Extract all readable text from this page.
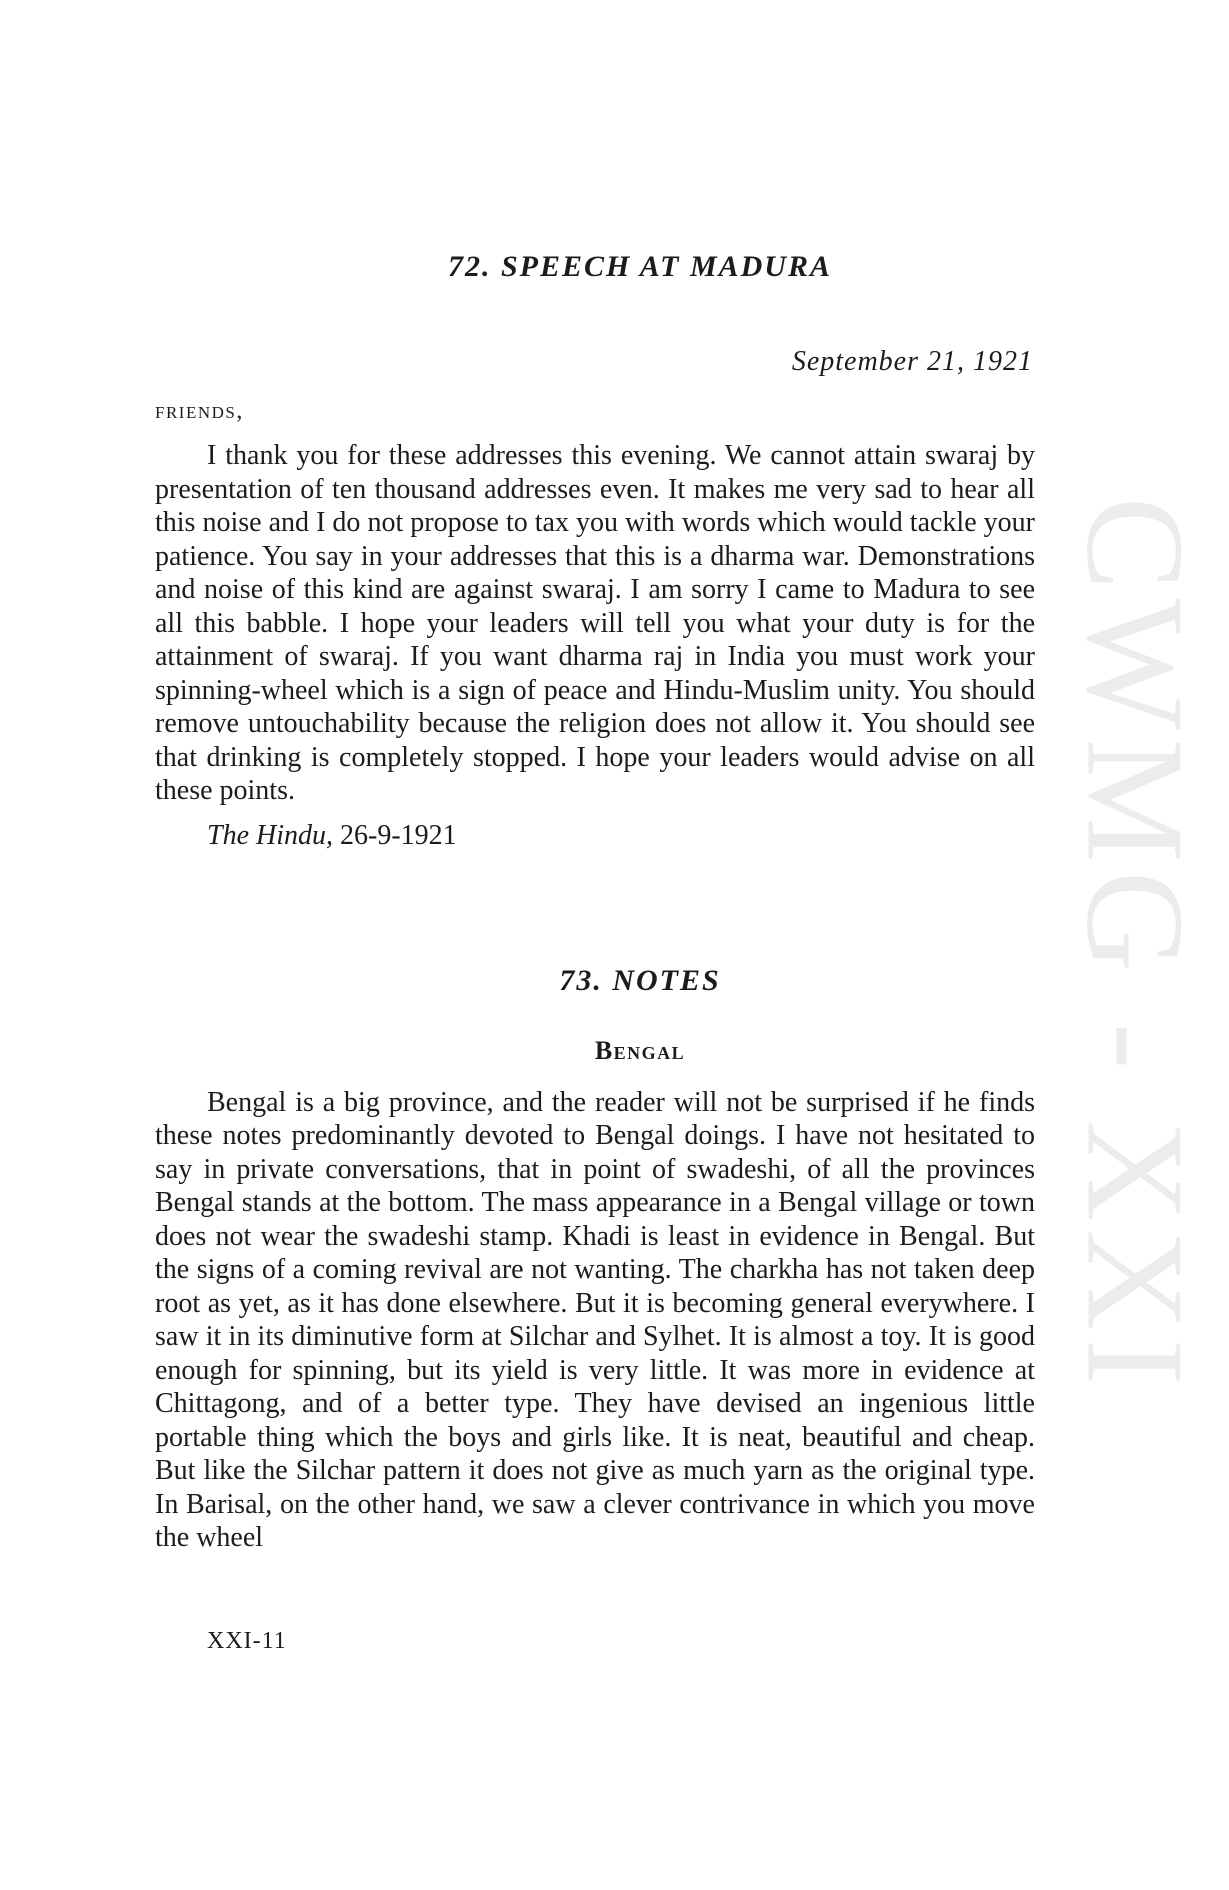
CWMG - XXI
72. SPEECH AT MADURA

September 21, 1921

friends,

I thank you for these addresses this evening. We cannot attain swaraj by presentation of ten thousand addresses even. It makes me very sad to hear all this noise and I do not propose to tax you with words which would tackle your patience. You say in your addresses that this is a dharma war. Demonstrations and noise of this kind are against swaraj. I am sorry I came to Madura to see all this babble. I hope your leaders will tell you what your duty is for the attainment of swaraj. If you want dharma raj in India you must work your spinning-wheel which is a sign of peace and Hindu-Muslim unity. You should remove untouchability because the religion does not allow it. You should see that drinking is completely stopped. I hope your leaders would advise on all these points.

The Hindu, 26-9-1921

73. NOTES
Bengal

Bengal is a big province, and the reader will not be surprised if he finds these notes predominantly devoted to Bengal doings. I have not hesitated to say in private conversations, that in point of swadeshi, of all the provinces Bengal stands at the bottom. The mass appearance in a Bengal village or town does not wear the swadeshi stamp. Khadi is least in evidence in Bengal. But the signs of a coming revival are not wanting. The charkha has not taken deep root as yet, as it has done elsewhere. But it is becoming general everywhere. I saw it in its diminutive form at Silchar and Sylhet. It is almost a toy. It is good enough for spinning, but its yield is very little. It was more in evidence at Chittagong, and of a better type. They have devised an ingenious little portable thing which the boys and girls like. It is neat, beautiful and cheap. But like the Silchar pattern it does not give as much yarn as the original type. In Barisal, on the other hand, we saw a clever contrivance in which you move the wheel

XXI-11
